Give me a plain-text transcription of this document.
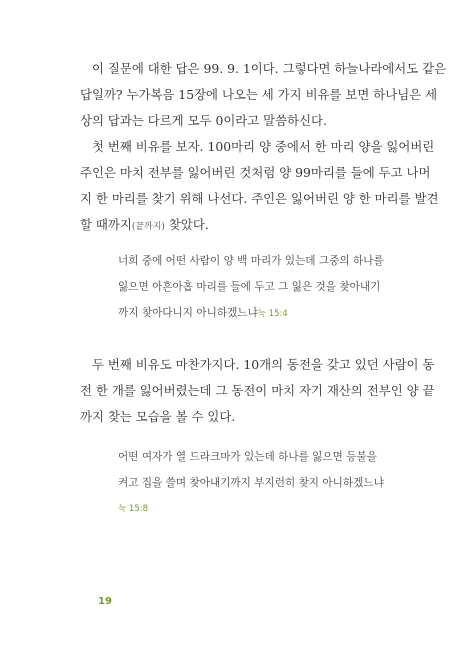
이 질문에 대한 답은 99. 9. 1이다. 그렇다면 하늘나라에서도 같은
답일까? 누가복음 15장에 나오는 세 가지 비유를 보면 하나님은 세
상의 답과는 다르게 모두 0이라고 말씀하신다.
첫 번째 비유를 보자. 100마리 양 중에서 한 마리 양을 잃어버린
주인은 마치 전부를 잃어버린 것처럼 양 99마리를 들에 두고 나머
지 한 마리를 찾기 위해 나선다. 주인은 잃어버린 양 한 마리를 발견
할 때까지(끝까지) 찾았다.
너희 중에 어떤 사람이 양 백 마리가 있는데 그중의 하나를
잃으면 아흔아홉 마리를 들에 두고 그 잃은 것을 찾아내기
까지 찾아다니지 아니하겠느냐눅 15:4
두 번째 비유도 마찬가지다. 10개의 동전을 갖고 있던 사람이 동
전 한 개를 잃어버렸는데 그 동전이 마치 자기 재산의 전부인 양 끝
까지 찾는 모습을 볼 수 있다.
어떤 여자가 열 드라크마가 있는데 하나를 잃으면 등불을
켜고 집을 쓸며 찾아내기까지 부지런히 찾지 아니하겠느냐
눅 15:8
19
